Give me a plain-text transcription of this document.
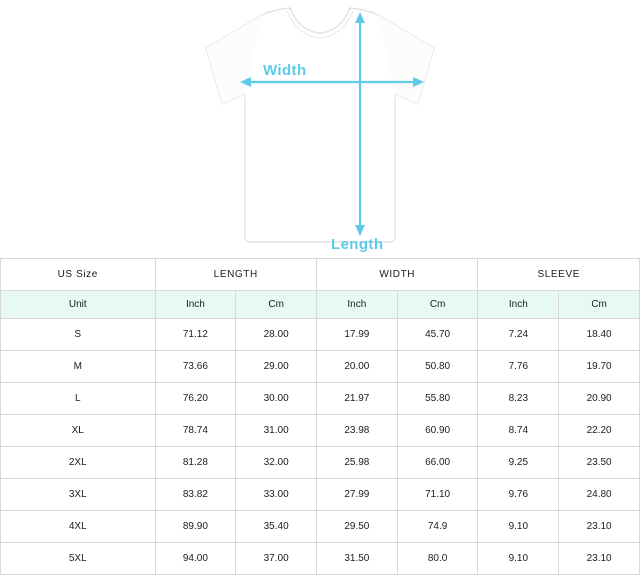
Width
Length
US Size	LENGTH		WIDTH		SLEEVE	
Unit	Inch	Cm	Inch	Cm	Inch	Cm
S	71.12	28.00	17.99	45.70	7.24	18.40
M	73.66	29.00	20.00	50.80	7.76	19.70
L	76.20	30.00	21.97	55.80	8.23	20.90
XL	78.74	31.00	23.98	60.90	8.74	22.20
2XL	81.28	32.00	25.98	66.00	9.25	23.50
3XL	83.82	33.00	27.99	71.10	9.76	24.80
4XL	89.90	35.40	29.50	74.9	9.10	23.10
5XL	94.00	37.00	31.50	80.0	9.10	23.10
